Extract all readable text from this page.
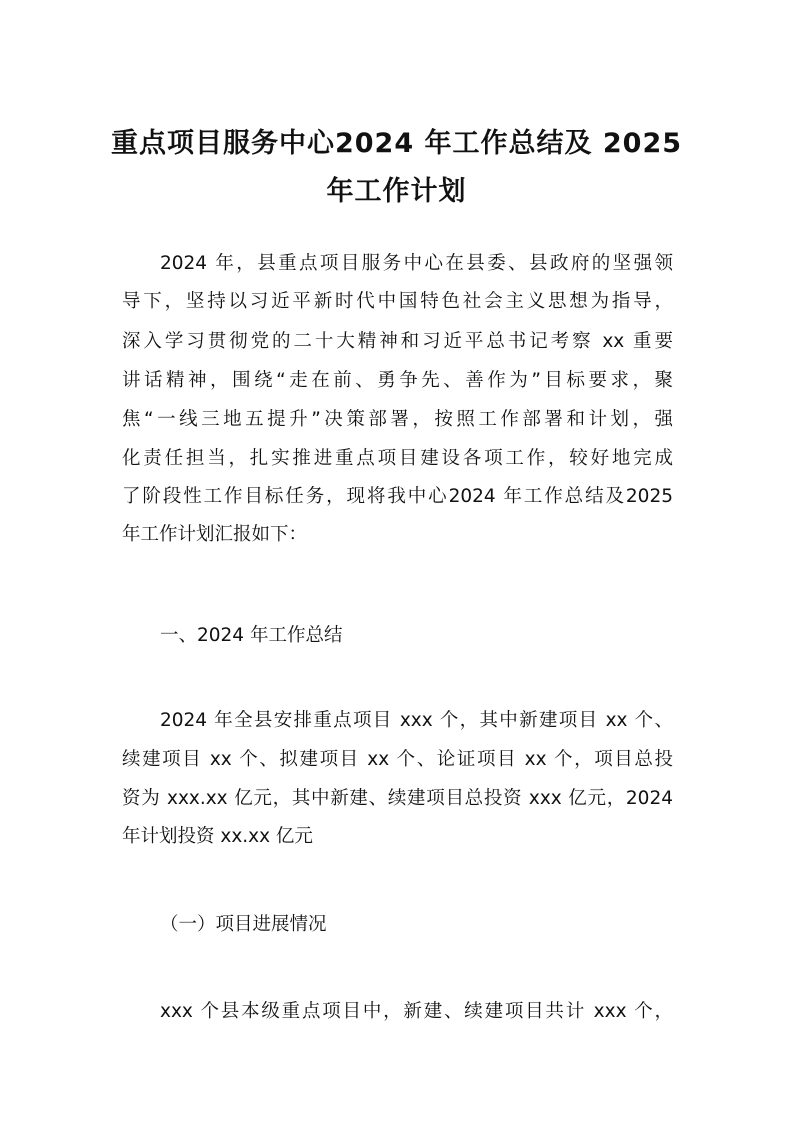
重点项目服务中心2024 年工作总结及 2025
年工作计划
2024 年，县重点项目服务中心在县委、县政府的坚强领
导下，坚持以习近平新时代中国特色社会主义思想为指导，
深入学习贯彻党的二十大精神和习近平总书记考察 xx 重要
讲话精神，围绕“走在前、勇争先、善作为”目标要求，聚
焦“一线三地五提升”决策部署，按照工作部署和计划，强
化责任担当，扎实推进重点项目建设各项工作，较好地完成
了阶段性工作目标任务，现将我中心2024 年工作总结及2025
年工作计划汇报如下：
一、2024 年工作总结
2024 年全县安排重点项目 xxx 个，其中新建项目 xx 个、
续建项目 xx 个、拟建项目 xx 个、论证项目 xx 个，项目总投
资为 xxx.xx 亿元，其中新建、续建项目总投资 xxx 亿元，2024
年计划投资 xx.xx 亿元
（一）项目进展情况
xxx 个县本级重点项目中，新建、续建项目共计 xxx 个，
